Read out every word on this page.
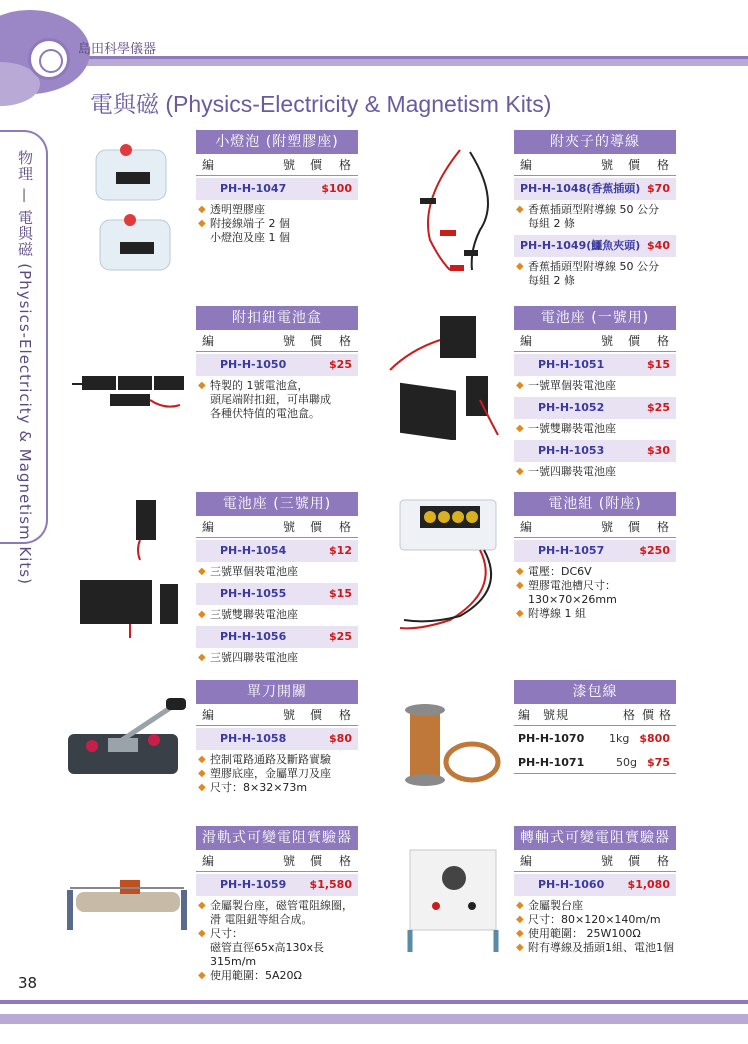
島田科學儀器
電與磁 (Physics-Electricity & Magnetism Kits)
物理 — 電與磁 (Physics-Electricity & Magnetism Kits)
38
小燈泡 (附塑膠座)
編	號	價	格
PH-H-1047	$100
◆ 透明塑膠座
◆ 附接線端子 2 個
小燈泡及座 1 個
附夾子的導線
編	號	價	格
PH-H-1048(香蕉插頭) $70
◆ 香蕉插頭型附導線 50 公分
每組 2 條
PH-H-1049(鱷魚夾頭) $40
◆ 香蕉插頭型附導線 50 公分
每組 2 條
附扣鈕電池盒
編	號	價	格
PH-H-1050	$25
◆ 特製的 1號電池盒，
頭尾端附扣鈕，可串聯成
各種伏特值的電池盒。
電池座 (一號用)
編	號	價	格
PH-H-1051	$15
◆ 一號單個裝電池座
PH-H-1052	$25
◆ 一號雙聯裝電池座
PH-H-1053	$30
◆ 一號四聯裝電池座
電池座 (三號用)
編	號	價	格
PH-H-1054	$12
◆ 三號單個裝電池座
PH-H-1055	$15
◆ 三號雙聯裝電池座
PH-H-1056	$25
◆ 三號四聯裝電池座
電池組 (附座)
編	號	價	格
PH-H-1057	$250
◆ 電壓：DC6V
◆ 塑膠電池槽尺寸：
130×70×26mm
◆ 附導線 1 組
單刀開關
編	號	價	格
PH-H-1058	$80
◆ 控制電路通路及斷路實驗
◆ 塑膠底座，金屬單刀及座
◆ 尺寸：8×32×73m
漆包線
編	號 規	格 價 格
PH-H-1070	1kg $800
PH-H-1071	50g $75
滑軌式可變電阻實驗器
編	號	價	格
PH-H-1059 $1,580
◆ 金屬製台座，磁管電阻線圈，
滑 電阻鈕等組合成。
◆ 尺寸：
磁管直徑65x高130x長315m/m
◆ 使用範圍：5A20Ω
轉軸式可變電阻實驗器
編	號	價	格
PH-H-1060 $1,080
◆ 金屬製台座
◆ 尺寸：80×120×140m/m
◆ 使用範圍： 25W100Ω
◆ 附有導線及插頭1組、電池1個
